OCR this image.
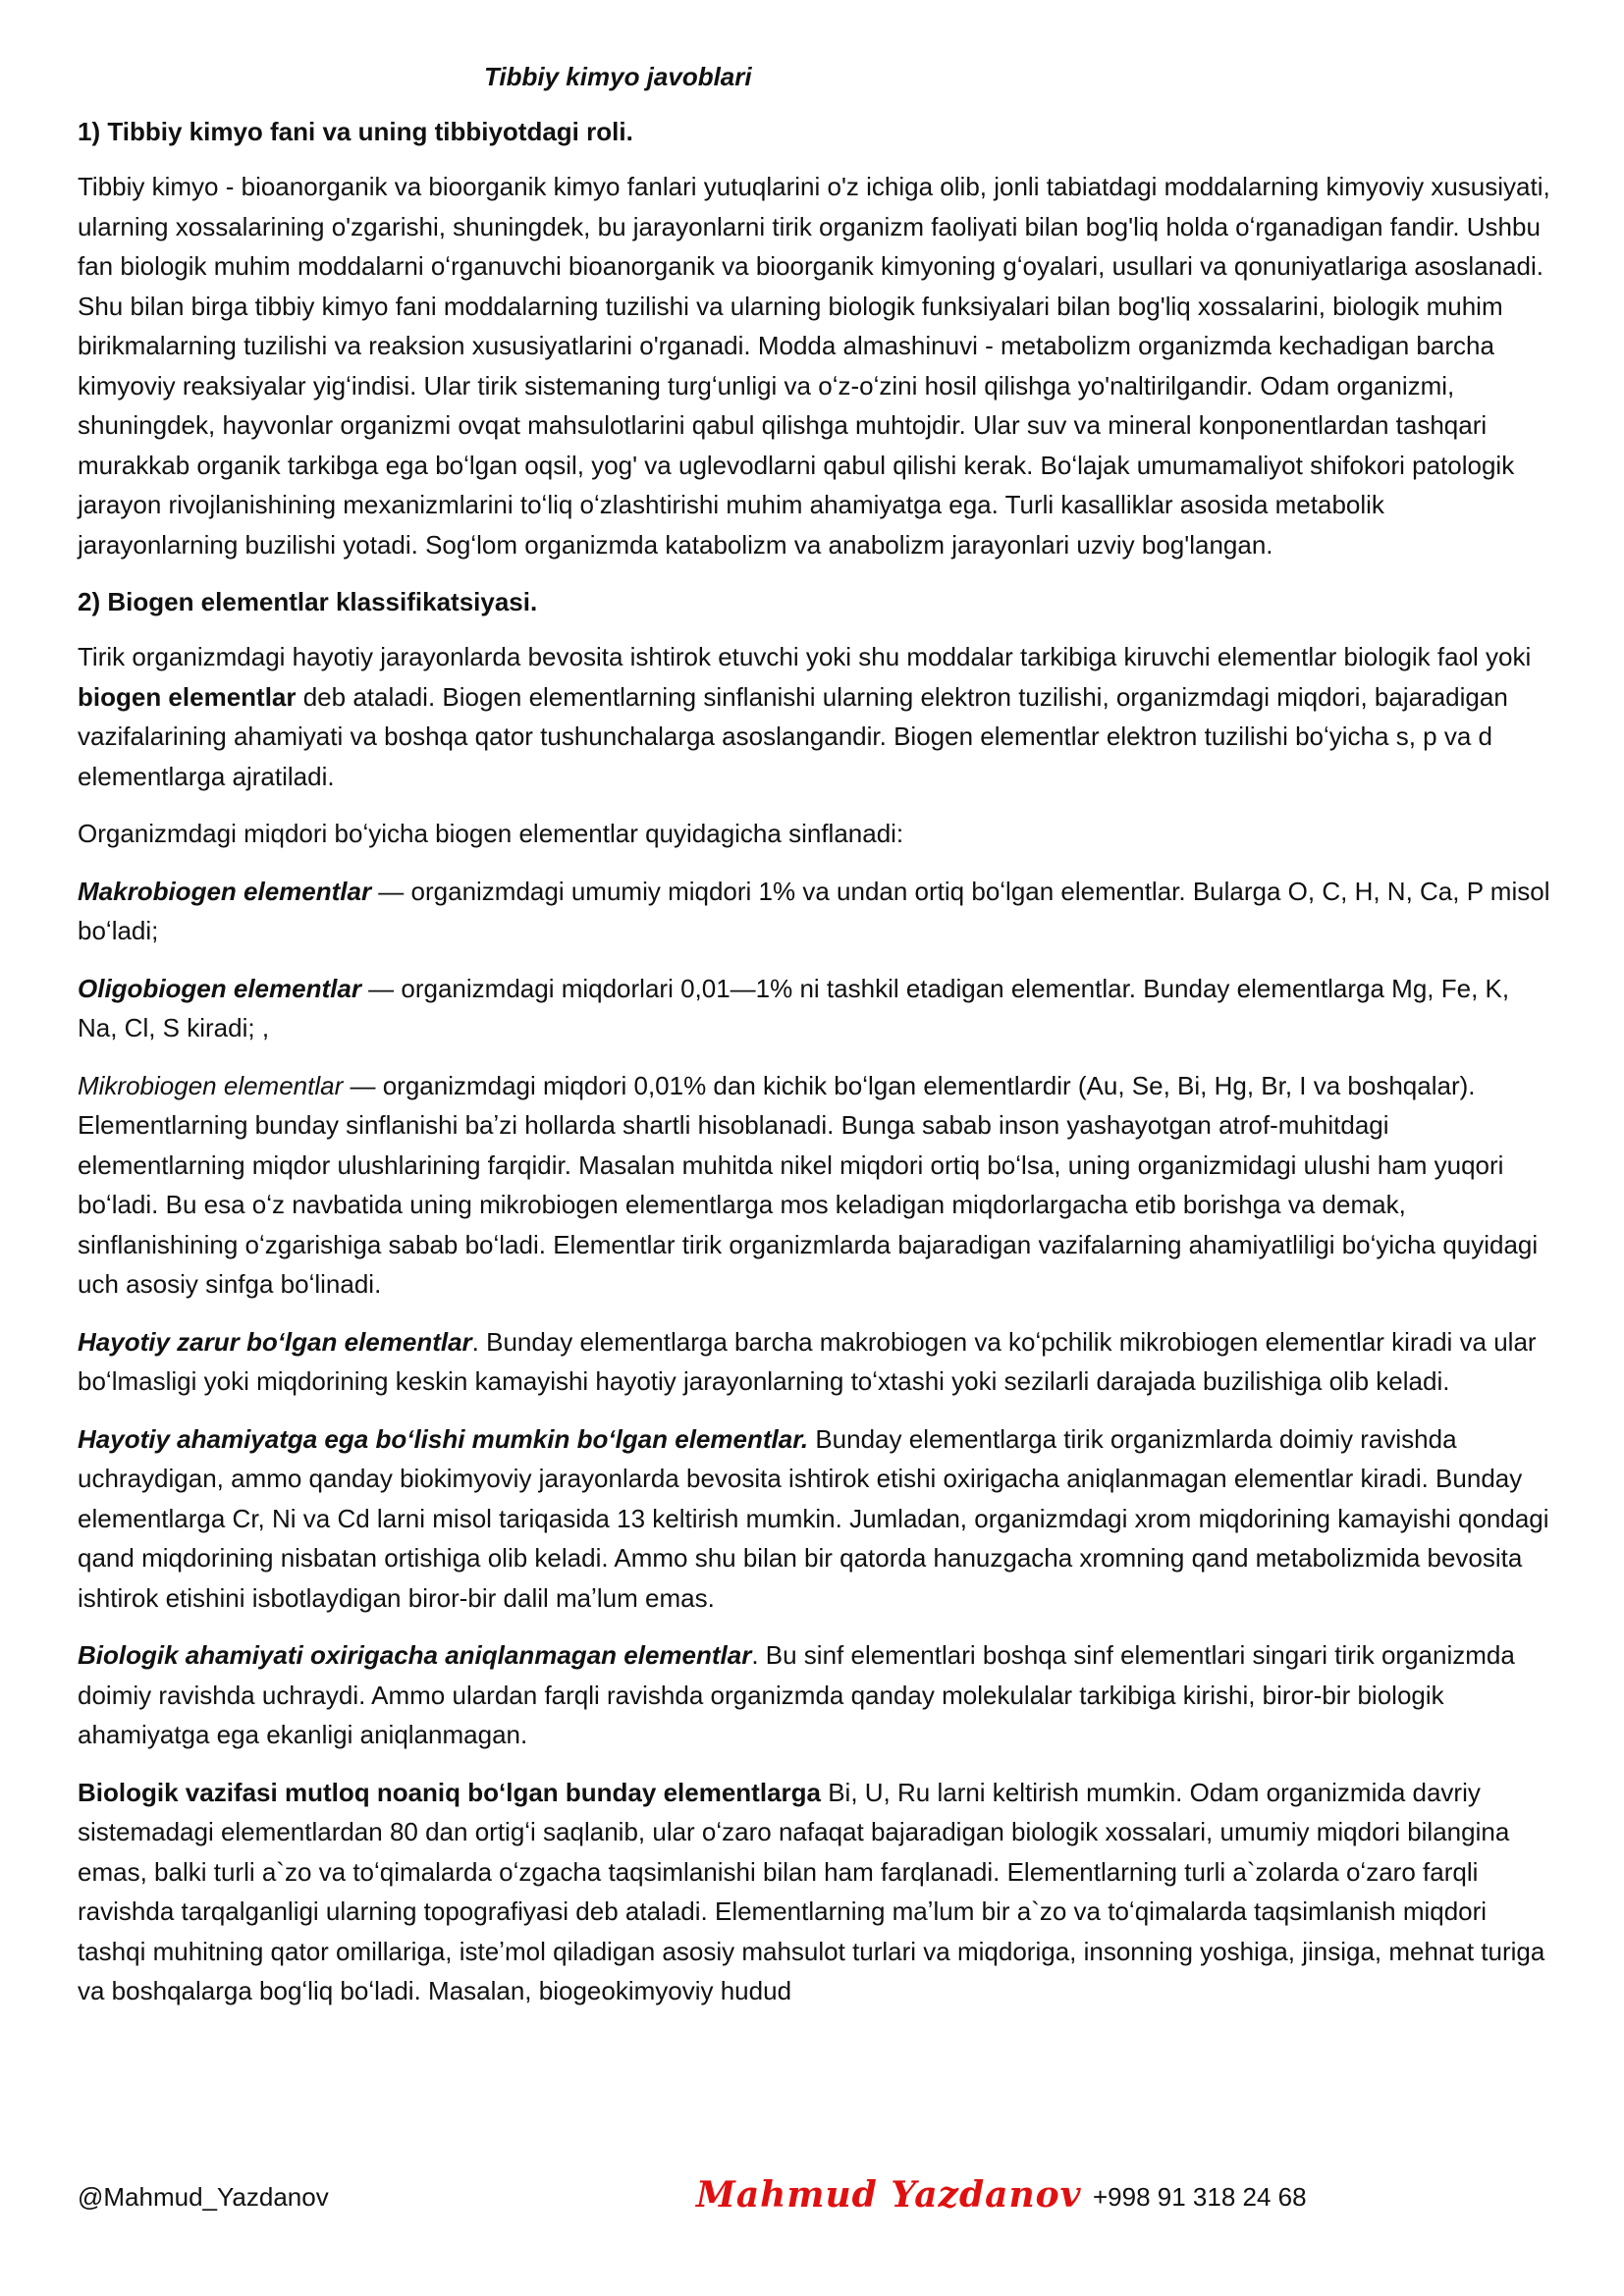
Tibbiy kimyo javoblari
1) Tibbiy kimyo fani va uning tibbiyotdagi roli.

Tibbiy kimyo - bioanorganik va bioorganik kimyo fanlari yutuqlarini o'z ichiga olib, jonli tabiatdagi moddalarning kimyoviy xususiyati, ularning xossalarining o'zgarishi, shuningdek, bu jarayonlarni tirik organizm faoliyati bilan bog'liq holda oʻrganadigan fandir. Ushbu fan biologik muhim moddalarni oʻrganuvchi bioanorganik va bioorganik kimyoning gʻoyalari, usullari va qonuniyatlariga asoslanadi. Shu bilan birga tibbiy kimyo fani moddalarning tuzilishi va ularning biologik funksiyalari bilan bog'liq xossalarini, biologik muhim birikmalarning tuzilishi va reaksion xususiyatlarini o'rganadi. Modda almashinuvi - metabolizm organizmda kechadigan barcha kimyoviy reaksiyalar yigʻindisi. Ular tirik sistemaning turgʻunligi va oʻz-oʻzini hosil qilishga yo'naltirilgandir. Odam organizmi, shuningdek, hayvonlar organizmi ovqat mahsulotlarini qabul qilishga muhtojdir. Ular suv va mineral konponentlardan tashqari murakkab organik tarkibga ega boʻlgan oqsil, yog' va uglevodlarni qabul qilishi kerak. Boʻlajak umumamaliyot shifokori patologik jarayon rivojlanishining mexanizmlarini toʻliq oʻzlashtirishi muhim ahamiyatga ega. Turli kasalliklar asosida metabolik jarayonlarning buzilishi yotadi. Sogʻlom organizmda katabolizm va anabolizm jarayonlari uzviy bog'langan.

2) Biogen elementlar klassifikatsiyasi.

Tirik organizmdagi hayotiy jarayonlarda bevosita ishtirok etuvchi yoki shu moddalar tarkibiga kiruvchi elementlar biologik faol yoki biogen elementlar deb ataladi. Biogen elementlarning sinflanishi ularning elektron tuzilishi, organizmdagi miqdori, bajaradigan vazifalarining ahamiyati va boshqa qator tushunchalarga asoslangandir. Biogen elementlar elektron tuzilishi boʻyicha s, p va d elementlarga ajratiladi.

Organizmdagi miqdori boʻyicha biogen elementlar quyidagicha sinflanadi:

Makrobiogen elementlar — organizmdagi umumiy miqdori 1% va undan ortiq boʻlgan elementlar. Bularga O, C, H, N, Ca, P misol boʻladi;

Oligobiogen elementlar — organizmdagi miqdorlari 0,01—1% ni tashkil etadigan elementlar. Bunday elementlarga Mg, Fe, K, Na, Cl, S kiradi; ,

Mikrobiogen elementlar — organizmdagi miqdori 0,01% dan kichik boʻlgan elementlardir (Au, Se, Bi, Hg, Br, I va boshqalar). Elementlarning bunday sinflanishi baʼzi hollarda shartli hisoblanadi. Bunga sabab inson yashayotgan atrof-muhitdagi elementlarning miqdor ulushlarining farqidir. Masalan muhitda nikel miqdori ortiq boʻlsa, uning organizmidagi ulushi ham yuqori boʻladi. Bu esa oʻz navbatida uning mikrobiogen elementlarga mos keladigan miqdorlargacha etib borishga va demak, sinflanishining oʻzgarishiga sabab boʻladi. Elementlar tirik organizmlarda bajaradigan vazifalarning ahamiyatliligi boʻyicha quyidagi uch asosiy sinfga boʻlinadi.

Hayotiy zarur boʻlgan elementlar. Bunday elementlarga barcha makrobiogen va koʻpchilik mikrobiogen elementlar kiradi va ular boʻlmasligi yoki miqdorining keskin kamayishi hayotiy jarayonlarning toʻxtashi yoki sezilarli darajada buzilishiga olib keladi.

Hayotiy ahamiyatga ega boʻlishi mumkin boʻlgan elementlar. Bunday elementlarga tirik organizmlarda doimiy ravishda uchraydigan, ammo qanday biokimyoviy jarayonlarda bevosita ishtirok etishi oxirigacha aniqlanmagan elementlar kiradi. Bunday elementlarga Cr, Ni va Cd larni misol tariqasida 13 keltirish mumkin. Jumladan, organizmdagi xrom miqdorining kamayishi qondagi qand miqdorining nisbatan ortishiga olib keladi. Ammo shu bilan bir qatorda hanuzgacha xromning qand metabolizmida bevosita ishtirok etishini isbotlaydigan biror-bir dalil maʼlum emas.

Biologik ahamiyati oxirigacha aniqlanmagan elementlar. Bu sinf elementlari boshqa sinf elementlari singari tirik organizmda doimiy ravishda uchraydi. Ammo ulardan farqli ravishda organizmda qanday molekulalar tarkibiga kirishi, biror-bir biologik ahamiyatga ega ekanligi aniqlanmagan.

Biologik vazifasi mutloq noaniq boʻlgan bunday elementlarga Bi, U, Ru larni keltirish mumkin. Odam organizmida davriy sistemadagi elementlardan 80 dan ortigʻi saqlanib, ular oʻzaro nafaqat bajaradigan biologik xossalari, umumiy miqdori bilangina emas, balki turli a`zo va toʻqimalarda oʻzgacha taqsimlanishi bilan ham farqlanadi. Elementlarning turli a`zolarda oʻzaro farqli ravishda tarqalganligi ularning topografiyasi deb ataladi. Elementlarning maʼlum bir a`zo va toʻqimalarda taqsimlanish miqdori tashqi muhitning qator omillariga, isteʼmol qiladigan asosiy mahsulot turlari va miqdoriga, insonning yoshiga, jinsiga, mehnat turiga va boshqalarga bogʻliq boʻladi. Masalan, biogeokimyoviy hudud

@Mahmud_Yazdanov	Mahmud Yazdanov +998 91 318 24 68
